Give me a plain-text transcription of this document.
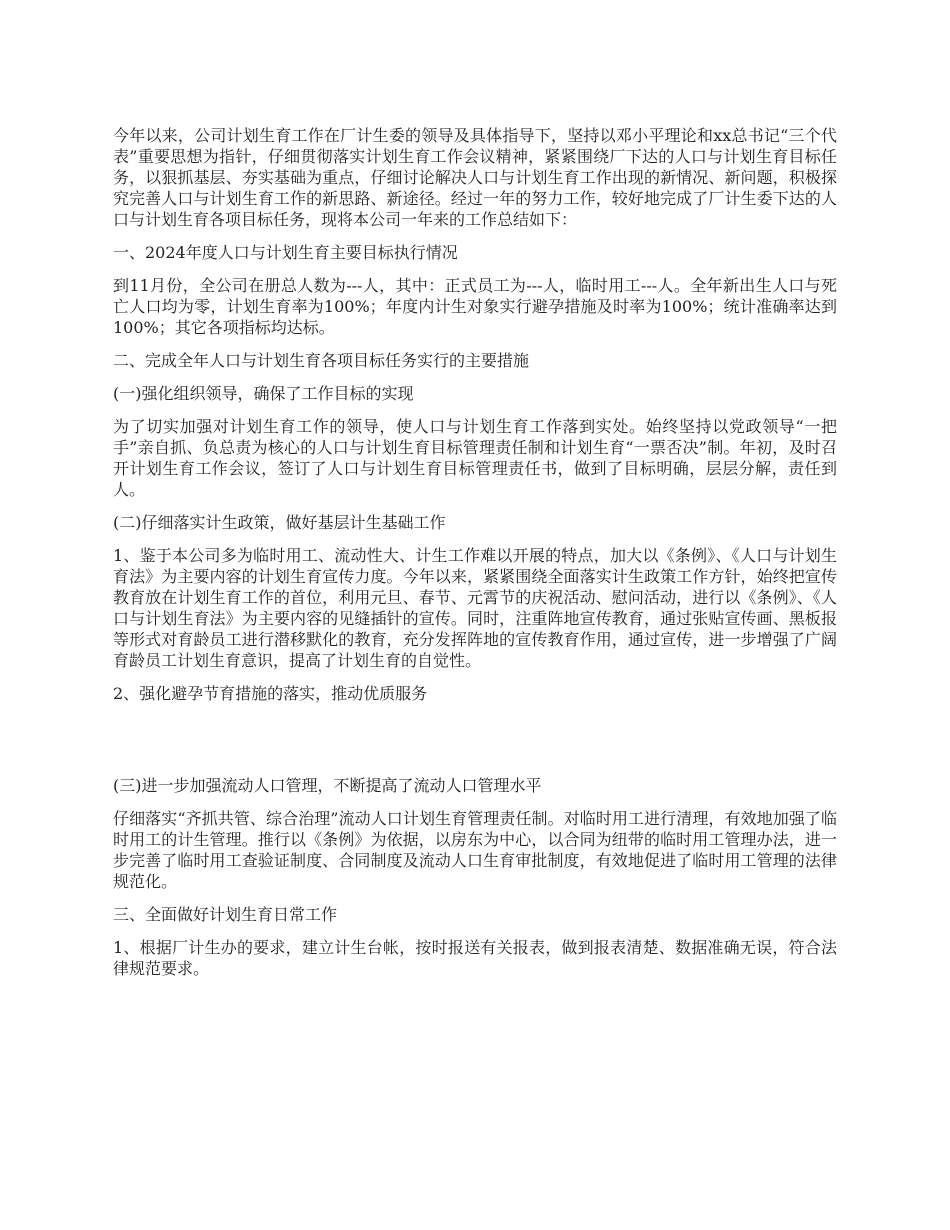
今年以来，公司计划生育工作在厂计生委的领导及具体指导下，坚持以邓小平理论和xx总书记“三个代表”重要思想为指针，仔细贯彻落实计划生育工作会议精神，紧紧围绕厂下达的人口与计划生育目标任务，以狠抓基层、夯实基础为重点，仔细讨论解决人口与计划生育工作出现的新情况、新问题，积极探究完善人口与计划生育工作的新思路、新途径。经过一年的努力工作，较好地完成了厂计生委下达的人口与计划生育各项目标任务，现将本公司一年来的工作总结如下：

一、2024年度人口与计划生育主要目标执行情况

到11月份，全公司在册总人数为---人，其中：正式员工为---人，临时用工---人。全年新出生人口与死亡人口均为零，计划生育率为100%；年度内计生对象实行避孕措施及时率为100%；统计准确率达到100%；其它各项指标均达标。

二、完成全年人口与计划生育各项目标任务实行的主要措施

(一)强化组织领导，确保了工作目标的实现

为了切实加强对计划生育工作的领导，使人口与计划生育工作落到实处。始终坚持以党政领导“一把手”亲自抓、负总责为核心的人口与计划生育目标管理责任制和计划生育“一票否决”制。年初，及时召开计划生育工作会议，签订了人口与计划生育目标管理责任书，做到了目标明确，层层分解，责任到人。

(二)仔细落实计生政策，做好基层计生基础工作

1、鉴于本公司多为临时用工、流动性大、计生工作难以开展的特点，加大以《条例》、《人口与计划生育法》为主要内容的计划生育宣传力度。今年以来，紧紧围绕全面落实计生政策工作方针，始终把宣传教育放在计划生育工作的首位，利用元旦、春节、元霄节的庆祝活动、慰问活动，进行以《条例》、《人口与计划生育法》为主要内容的见缝插针的宣传。同时，注重阵地宣传教育，通过张贴宣传画、黑板报等形式对育龄员工进行潜移默化的教育，充分发挥阵地的宣传教育作用，通过宣传，进一步增强了广阔育龄员工计划生育意识，提高了计划生育的自觉性。

2、强化避孕节育措施的落实，推动优质服务

(三)进一步加强流动人口管理，不断提高了流动人口管理水平

仔细落实“齐抓共管、综合治理”流动人口计划生育管理责任制。对临时用工进行清理，有效地加强了临时用工的计生管理。推行以《条例》为依据，以房东为中心，以合同为纽带的临时用工管理办法，进一步完善了临时用工查验证制度、合同制度及流动人口生育审批制度，有效地促进了临时用工管理的法律规范化。

三、全面做好计划生育日常工作

1、根据厂计生办的要求，建立计生台帐，按时报送有关报表，做到报表清楚、数据准确无误，符合法律规范要求。
